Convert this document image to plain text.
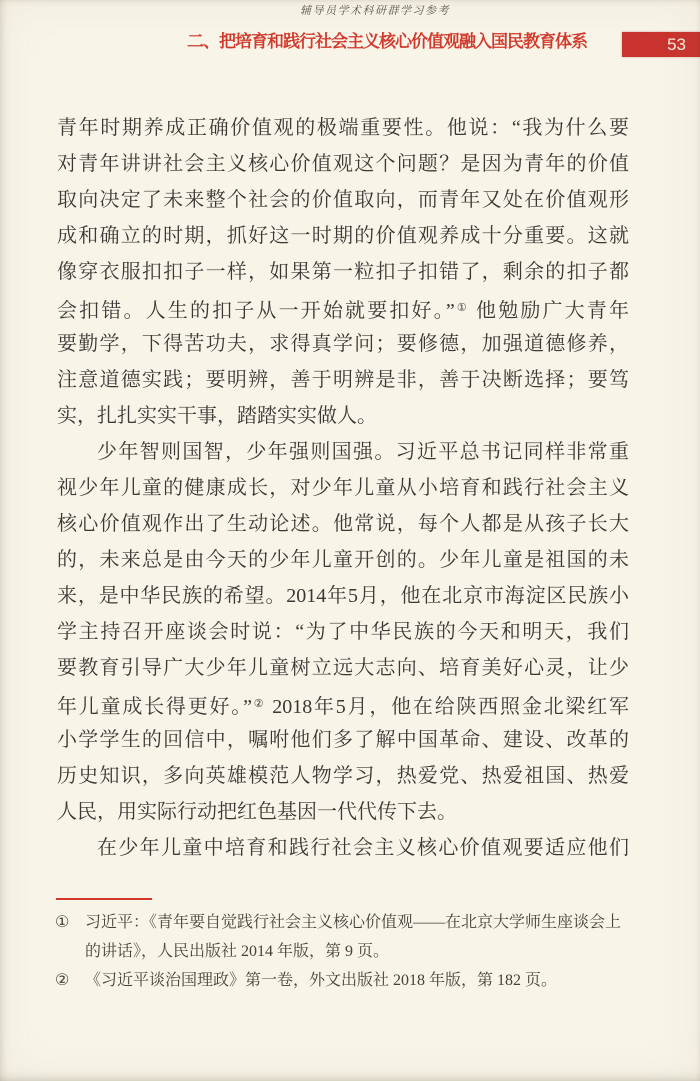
辅导员学术科研群学习参考
二、把培育和践行社会主义核心价值观融入国民教育体系	53
青年时期养成正确价值观的极端重要性。他说：“我为什么要
对青年讲讲社会主义核心价值观这个问题？是因为青年的价值
取向决定了未来整个社会的价值取向，而青年又处在价值观形
成和确立的时期，抓好这一时期的价值观养成十分重要。这就
像穿衣服扣扣子一样，如果第一粒扣子扣错了，剩余的扣子都
会扣错。人生的扣子从一开始就要扣好。”① 他勉励广大青年
要勤学，下得苦功夫，求得真学问；要修德，加强道德修养，
注意道德实践；要明辨，善于明辨是非，善于决断选择；要笃
实，扎扎实实干事，踏踏实实做人。
少年智则国智，少年强则国强。习近平总书记同样非常重
视少年儿童的健康成长，对少年儿童从小培育和践行社会主义
核心价值观作出了生动论述。他常说，每个人都是从孩子长大
的，未来总是由今天的少年儿童开创的。少年儿童是祖国的未
来，是中华民族的希望。2014年5月，他在北京市海淀区民族小
学主持召开座谈会时说：“为了中华民族的今天和明天，我们
要教育引导广大少年儿童树立远大志向、培育美好心灵，让少
年儿童成长得更好。”② 2018年5月，他在给陕西照金北梁红军
小学学生的回信中，嘱咐他们多了解中国革命、建设、改革的
历史知识，多向英雄模范人物学习，热爱党、热爱祖国、热爱
人民，用实际行动把红色基因一代代传下去。
在少年儿童中培育和践行社会主义核心价值观要适应他们
① 习近平：《青年要自觉践行社会主义核心价值观——在北京大学师生座谈会上
的讲话》，人民出版社 2014 年版，第 9 页。
② 《习近平谈治国理政》第一卷，外文出版社 2018 年版，第 182 页。
